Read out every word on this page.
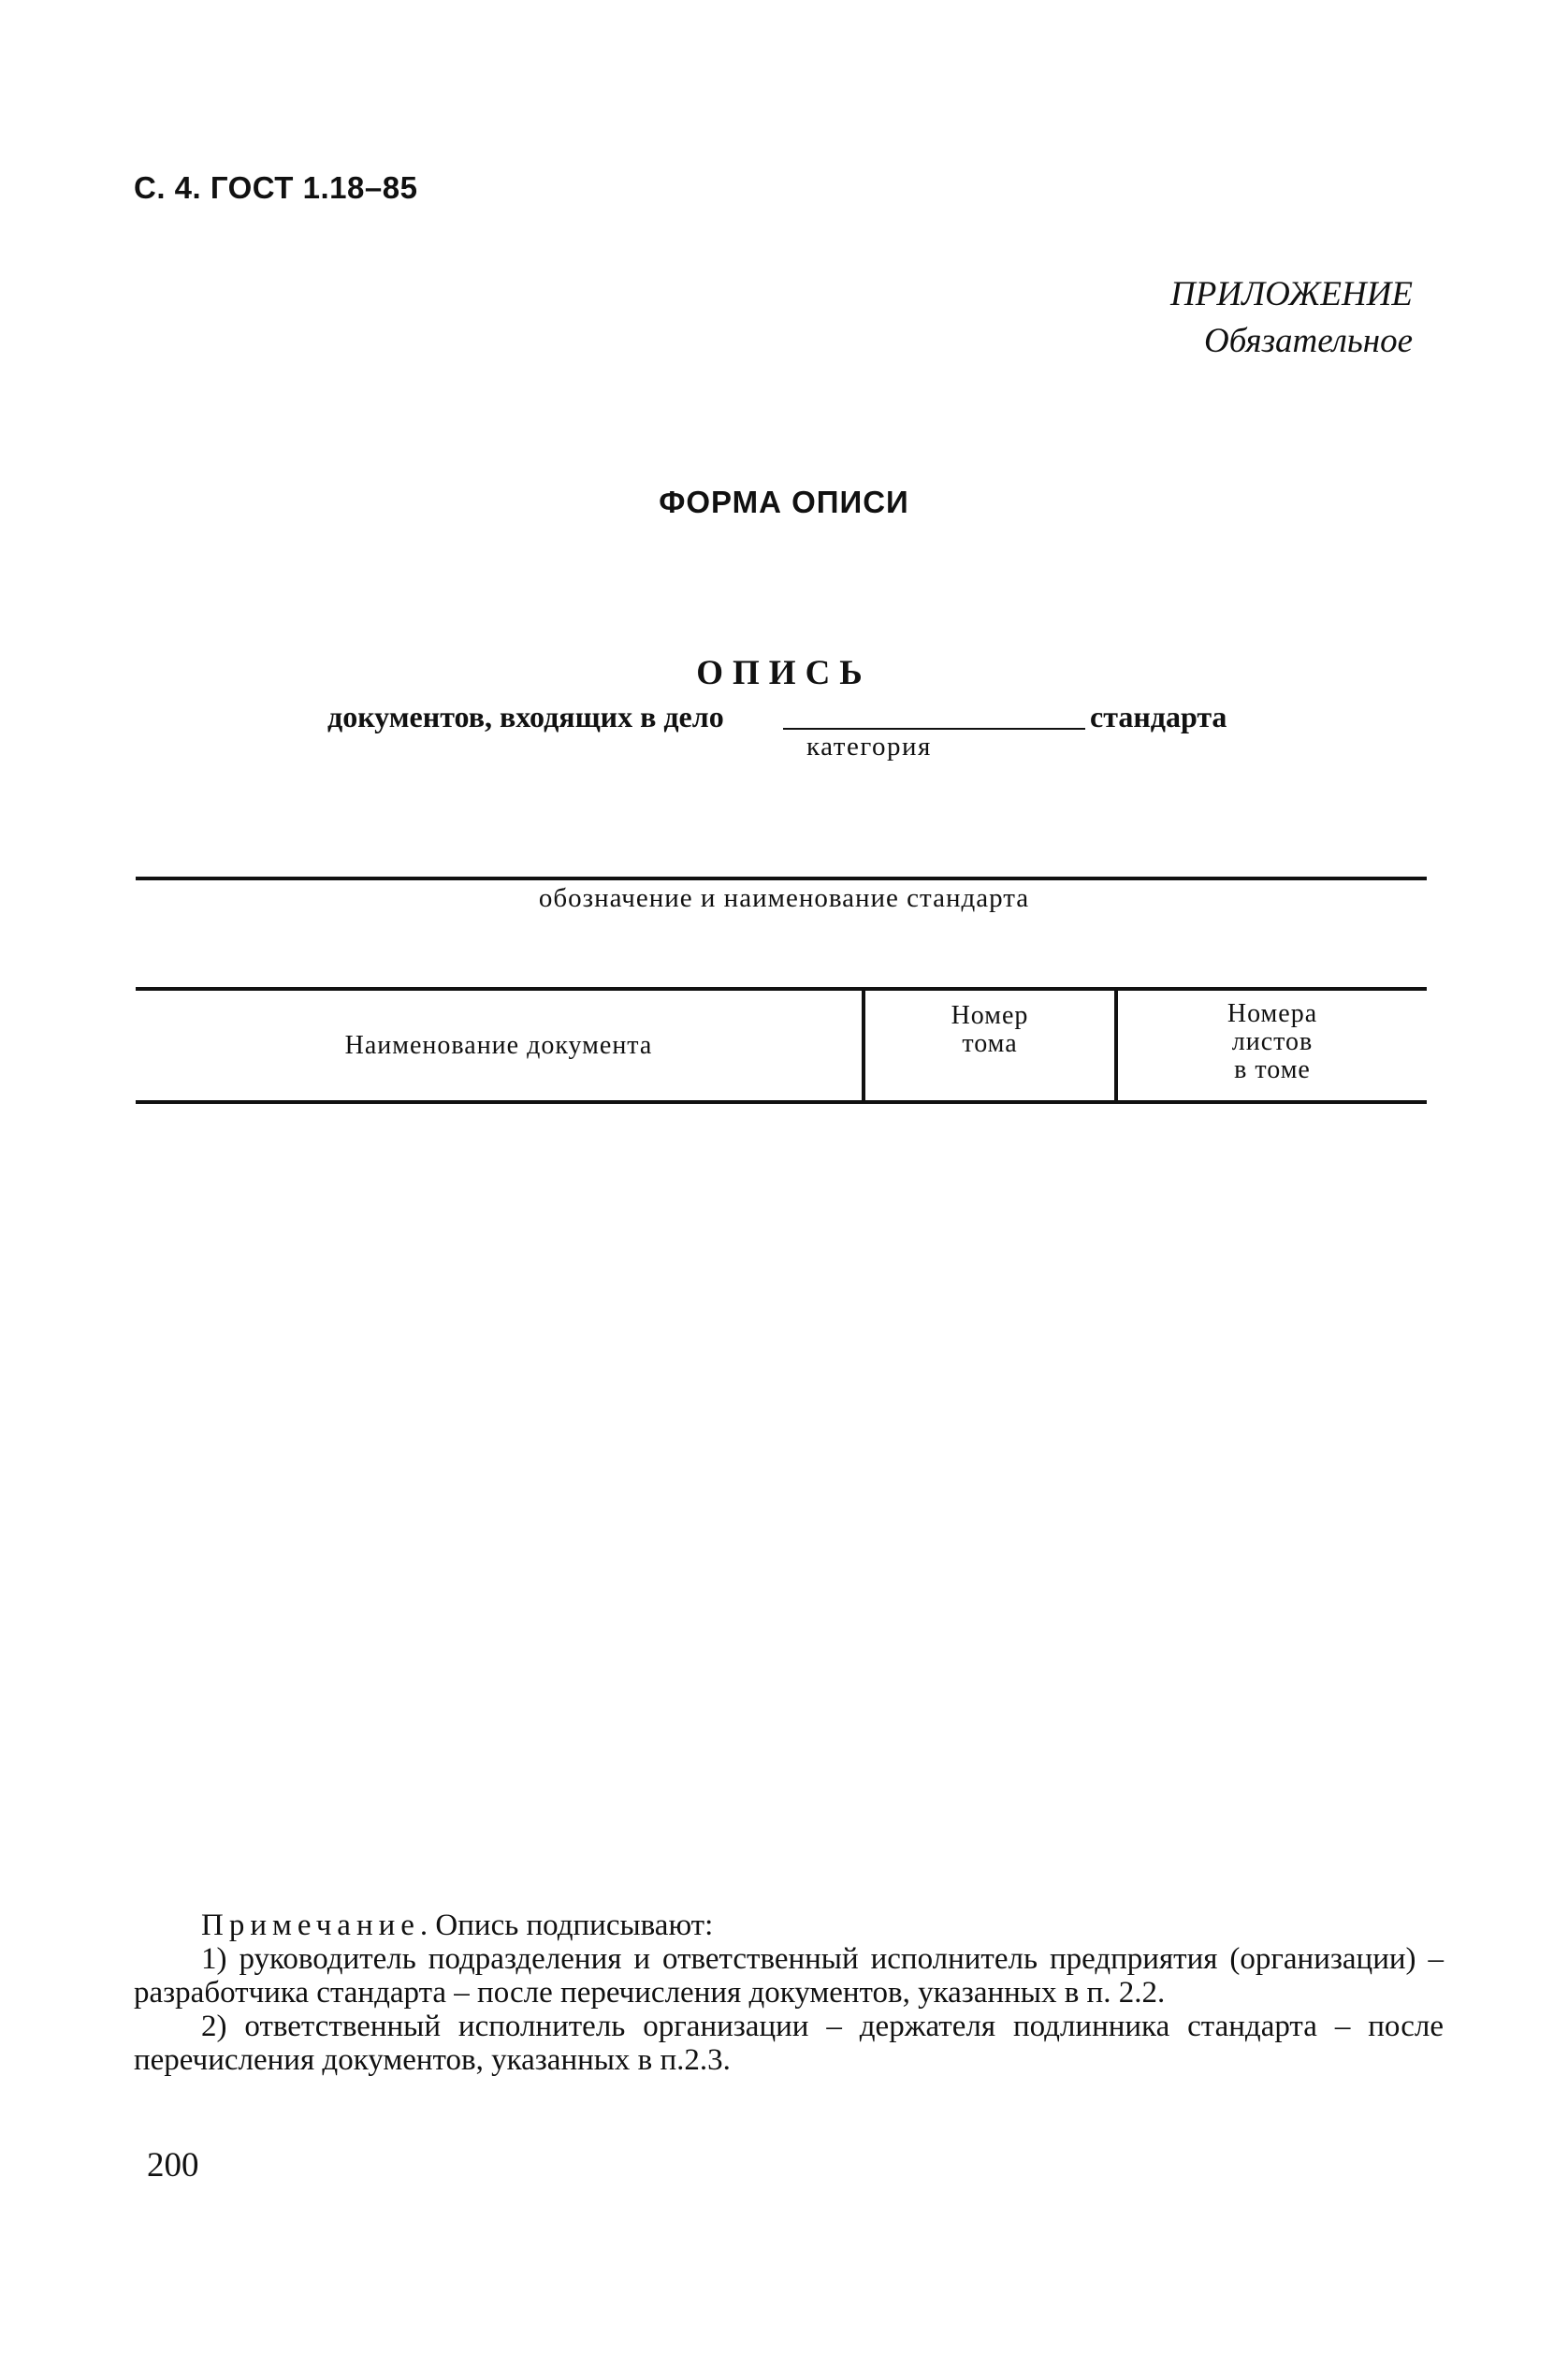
С. 4. ГОСТ 1.18–85
ПРИЛОЖЕНИЕ
Обязательное
ФОРМА ОПИСИ
ОПИСЬ
документов, входящих в дело	стандарта
категория
обозначение и наименование стандарта
Наименование документа
Номер
тома
Номера
листов
в томе

Примечание. Опись подписывают:

1) руководитель подразделения и ответственный исполнитель предприятия (организации) – разработчика стандарта – после перечисления документов, указанных в п. 2.2.

2) ответственный исполнитель организации – держателя подлинника стандарта – после перечисления документов, указанных в п.2.3.

200
